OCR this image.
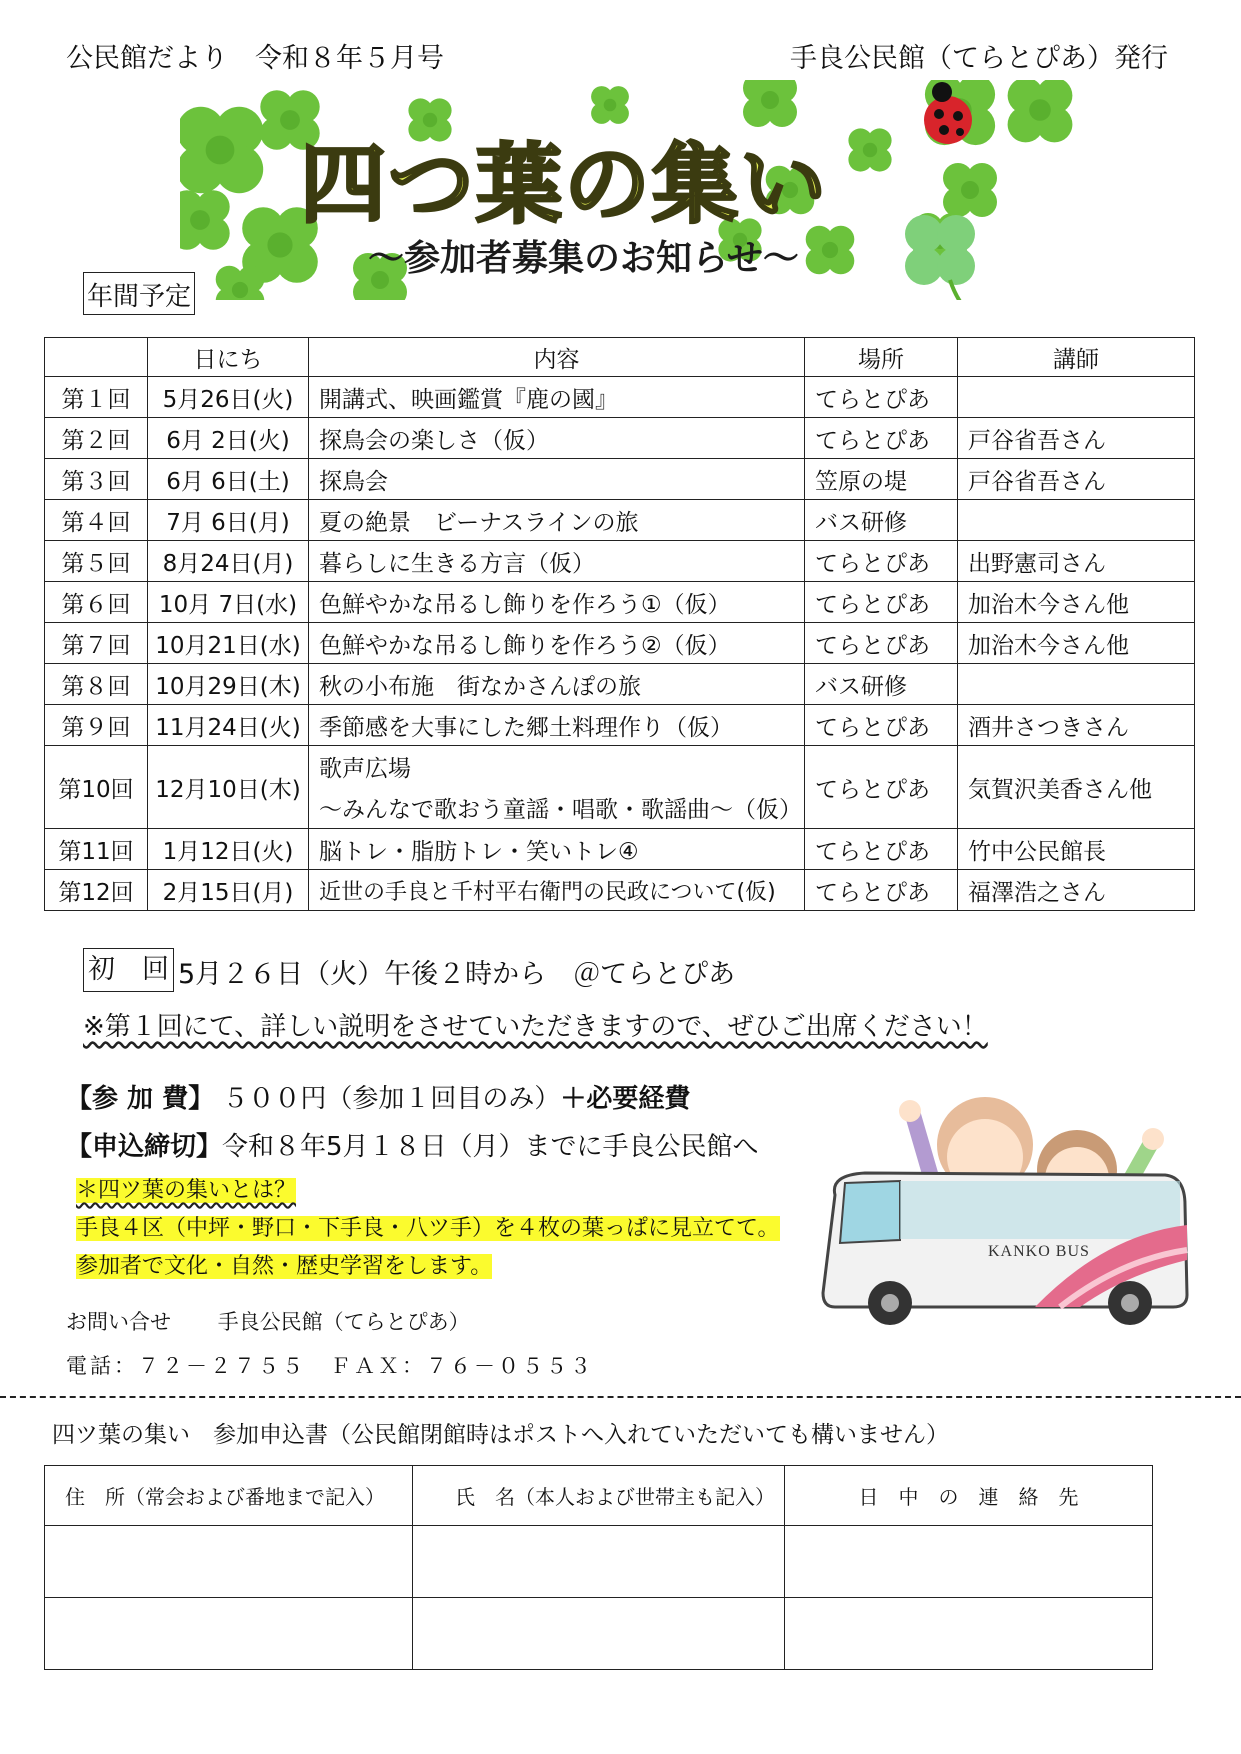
公民館だより　令和８年５月号	手良公民館（てらとぴあ）発行
四つ葉の集い
～参加者募集のお知らせ～
年間予定
	日にち	内容	場所	講師
第１回	5月26日(火)	開講式、映画鑑賞『鹿の國』	てらとぴあ	
第２回	6月 2日(火)	探鳥会の楽しさ（仮）	てらとぴあ	戸谷省吾さん
第３回	6月 6日(土)	探鳥会	笠原の堤	戸谷省吾さん
第４回	7月 6日(月)	夏の絶景　ビーナスラインの旅	バス研修	
第５回	8月24日(月)	暮らしに生きる方言（仮）	てらとぴあ	出野憲司さん
第６回	10月 7日(水)	色鮮やかな吊るし飾りを作ろう①（仮）	てらとぴあ	加治木今さん他
第７回	10月21日(水)	色鮮やかな吊るし飾りを作ろう②（仮）	てらとぴあ	加治木今さん他
第８回	10月29日(木)	秋の小布施　街なかさんぽの旅	バス研修	
第９回	11月24日(火)	季節感を大事にした郷土料理作り（仮）	てらとぴあ	酒井さつきさん
第10回	12月10日(木)	歌声広場
～みんなで歌おう童謡・唱歌・歌謡曲～（仮）	てらとぴあ	気賀沢美香さん他
第11回	1月12日(火)	脳トレ・脂肪トレ・笑いトレ④	てらとぴあ	竹中公民館長
第12回	2月15日(月)	近世の手良と千村平右衛門の民政について(仮)	てらとぴあ	福澤浩之さん
初　回 5月２６日（火）午後２時から　＠てらとぴあ
※第１回にて、詳しい説明をさせていただきますので、ぜひご出席ください！
【参 加 費】 ５００円（参加１回目のみ）＋必要経費
【申込締切】令和８年5月１８日（月）までに手良公民館へ
＊四ツ葉の集いとは？
手良４区（中坪・野口・下手良・八ツ手）を４枚の葉っぱに見立てて。
参加者で文化・自然・歴史学習をします。
お問い合せ 手良公民館（てらとぴあ）
電話：７２－２７５５　ＦＡＸ：７６－０５５３
KANKO BUS
四ツ葉の集い　参加申込書（公民館閉館時はポストへ入れていただいても構いません）
住　所（常会および番地まで記入）	氏　名（本人および世帯主も記入）	日　中　の　連　絡　先
